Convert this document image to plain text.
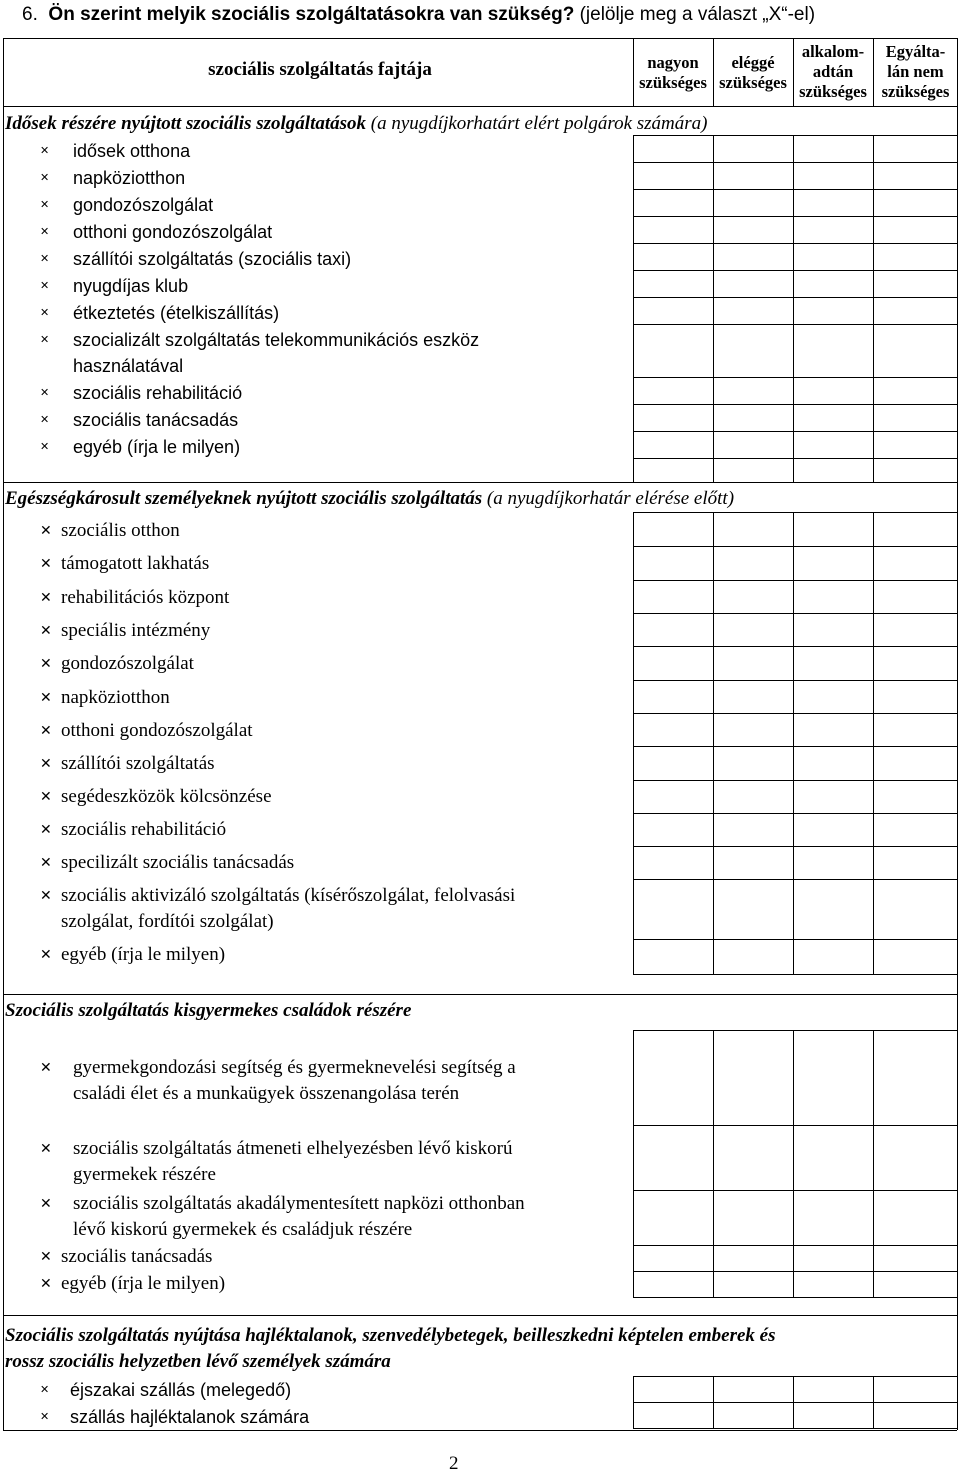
6. Ön szerint melyik szociális szolgáltatásokra van szükség? (jelölje meg a választ „X“-el)
szociális szolgáltatás fajtája	nagyon
szükséges
eléggé
szükséges
alkalom-
adtán
szükséges
Egyálta-
lán nem
szükséges
Idősek részére nyújtott szociális szolgáltatások (a nyugdíjkorhatárt elért polgárok számára)
✕ idősek otthona
✕ napköziotthon
✕ gondozószolgálat
✕ otthoni gondozószolgálat
✕ szállítói szolgáltatás (szociális taxi)
✕ nyugdíjas klub
✕ étkeztetés (ételkiszállítás)
✕ szocializált szolgáltatás telekommunikációs eszköz
használatával
✕ szociális rehabilitáció
✕ szociális tanácsadás
✕ egyéb (írja le milyen)
Egészségkárosult személyeknek nyújtott szociális szolgáltatás (a nyugdíjkorhatár elérése előtt)
✕ szociális otthon
✕ támogatott lakhatás
✕ rehabilitációs központ
✕ speciális intézmény
✕ gondozószolgálat
✕ napköziotthon
✕ otthoni gondozószolgálat
✕ szállítói szolgáltatás
✕ segédeszközök kölcsönzése
✕ szociális rehabilitáció
✕ specilizált szociális tanácsadás
✕ szociális aktivizáló szolgáltatás (kísérőszolgálat, felolvasási
szolgálat, fordítói szolgálat)
✕ egyéb (írja le milyen)
Szociális szolgáltatás kisgyermekes családok részére
✕ gyermekgondozási segítség és gyermeknevelési segítség a
családi élet és a munkaügyek összenangolása terén
✕ szociális szolgáltatás átmeneti elhelyezésben lévő kiskorú
gyermekek részére
✕ szociális szolgáltatás akadálymentesített napközi otthonban
lévő kiskorú gyermekek és családjuk részére
✕ szociális tanácsadás
✕ egyéb (írja le milyen)
Szociális szolgáltatás nyújtása hajléktalanok, szenvedélybetegek, beilleszkedni képtelen emberek és
rossz szociális helyzetben lévő személyek számára
✕ éjszakai szállás (melegedő)
✕ szállás hajléktalanok számára
2
